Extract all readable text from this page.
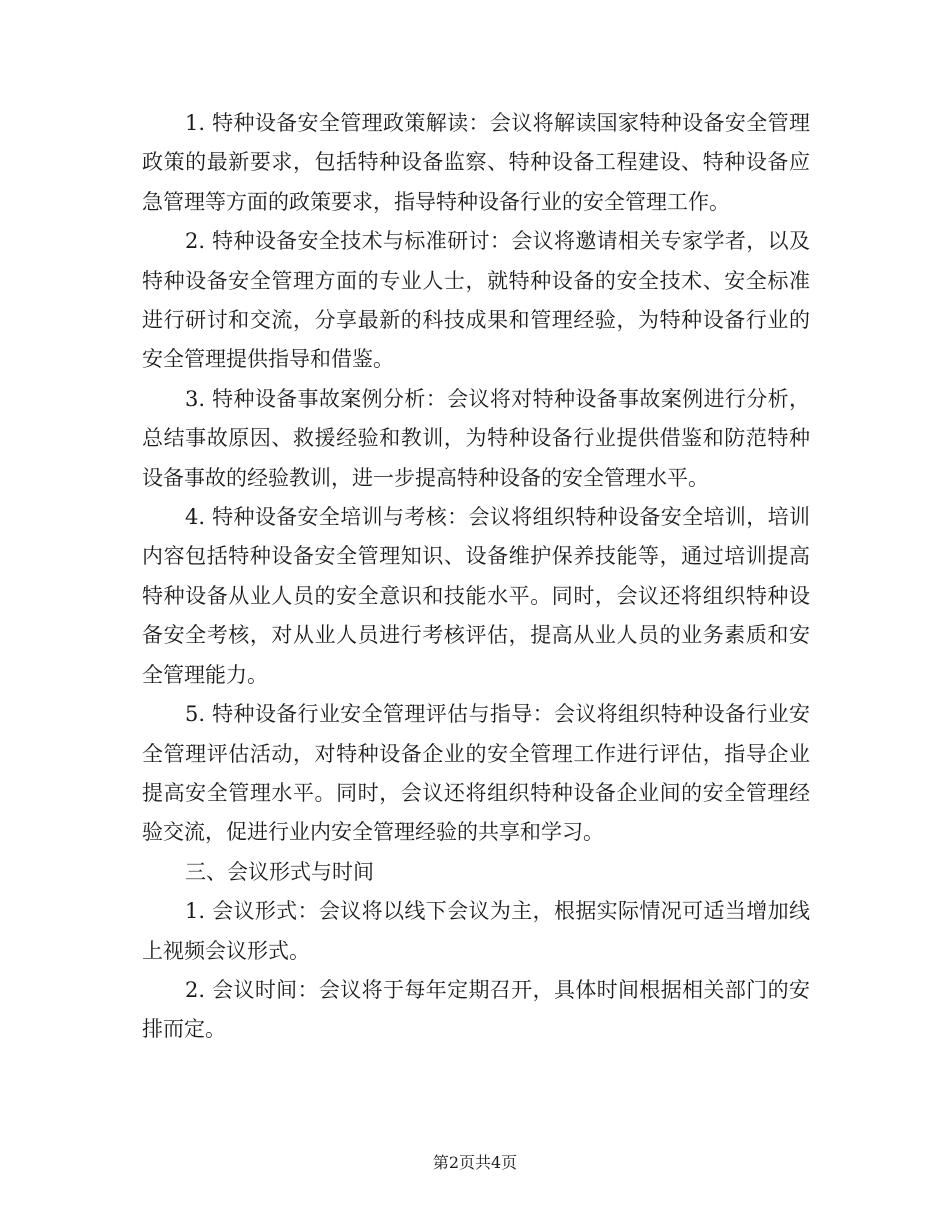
1. 特种设备安全管理政策解读：会议将解读国家特种设备安全管理政策的最新要求，包括特种设备监察、特种设备工程建设、特种设备应急管理等方面的政策要求，指导特种设备行业的安全管理工作。

2. 特种设备安全技术与标准研讨：会议将邀请相关专家学者，以及特种设备安全管理方面的专业人士，就特种设备的安全技术、安全标准进行研讨和交流，分享最新的科技成果和管理经验，为特种设备行业的安全管理提供指导和借鉴。

3. 特种设备事故案例分析：会议将对特种设备事故案例进行分析，总结事故原因、救援经验和教训，为特种设备行业提供借鉴和防范特种设备事故的经验教训，进一步提高特种设备的安全管理水平。

4. 特种设备安全培训与考核：会议将组织特种设备安全培训，培训内容包括特种设备安全管理知识、设备维护保养技能等，通过培训提高特种设备从业人员的安全意识和技能水平。同时，会议还将组织特种设备安全考核，对从业人员进行考核评估，提高从业人员的业务素质和安全管理能力。

5. 特种设备行业安全管理评估与指导：会议将组织特种设备行业安全管理评估活动，对特种设备企业的安全管理工作进行评估，指导企业提高安全管理水平。同时，会议还将组织特种设备企业间的安全管理经验交流，促进行业内安全管理经验的共享和学习。

三、会议形式与时间

1. 会议形式：会议将以线下会议为主，根据实际情况可适当增加线上视频会议形式。

2. 会议时间：会议将于每年定期召开，具体时间根据相关部门的安排而定。

第2页共4页
